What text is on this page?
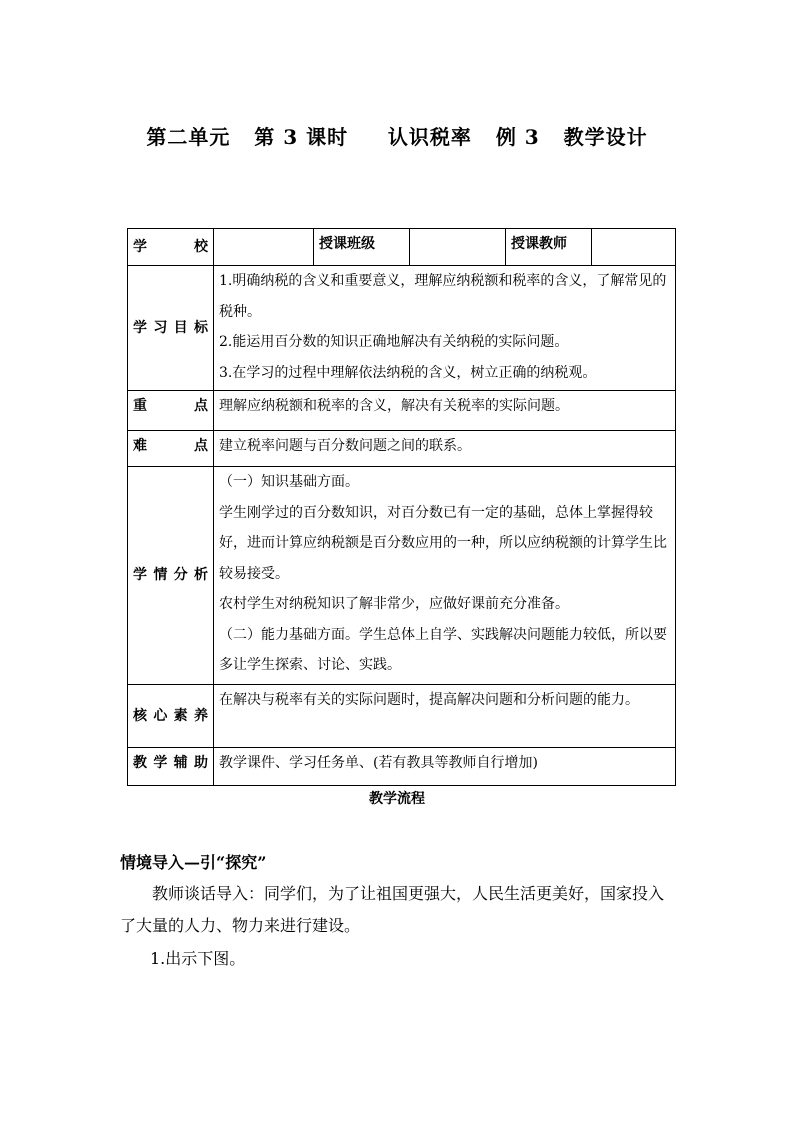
第二单元   第 3 课时     认识税率   例 3   教学设计
学校		授课班级		授课教师	
学习目标	1.明确纳税的含义和重要意义，理解应纳税额和税率的含义，了解常见的税种。
2.能运用百分数的知识正确地解决有关纳税的实际问题。
3.在学习的过程中理解依法纳税的含义，树立正确的纳税观。				

重点	理解应纳税额和税率的含义，解决有关税率的实际问题。				
难点	建立税率问题与百分数问题之间的联系。				
学情分析	（一）知识基础方面。
学生刚学过的百分数知识，对百分数已有一定的基础，总体上掌握得较好，进而计算应纳税额是百分数应用的一种，所以应纳税额的计算学生比较易接受。
农村学生对纳税知识了解非常少，应做好课前充分准备。
（二）能力基础方面。学生总体上自学、实践解决问题能力较低，所以要多让学生探索、讨论、实践。				

核心素养	在解决与税率有关的实际问题时，提高解决问题和分析问题的能力。				
教学辅助	教学课件、学习任务单、(若有教具等教师自行增加)				
教学流程
情境导入—引“探究”
教师谈话导入：同学们，为了让祖国更强大，人民生活更美好，国家投入了大量的人力、物力来进行建设。
1.出示下图。
